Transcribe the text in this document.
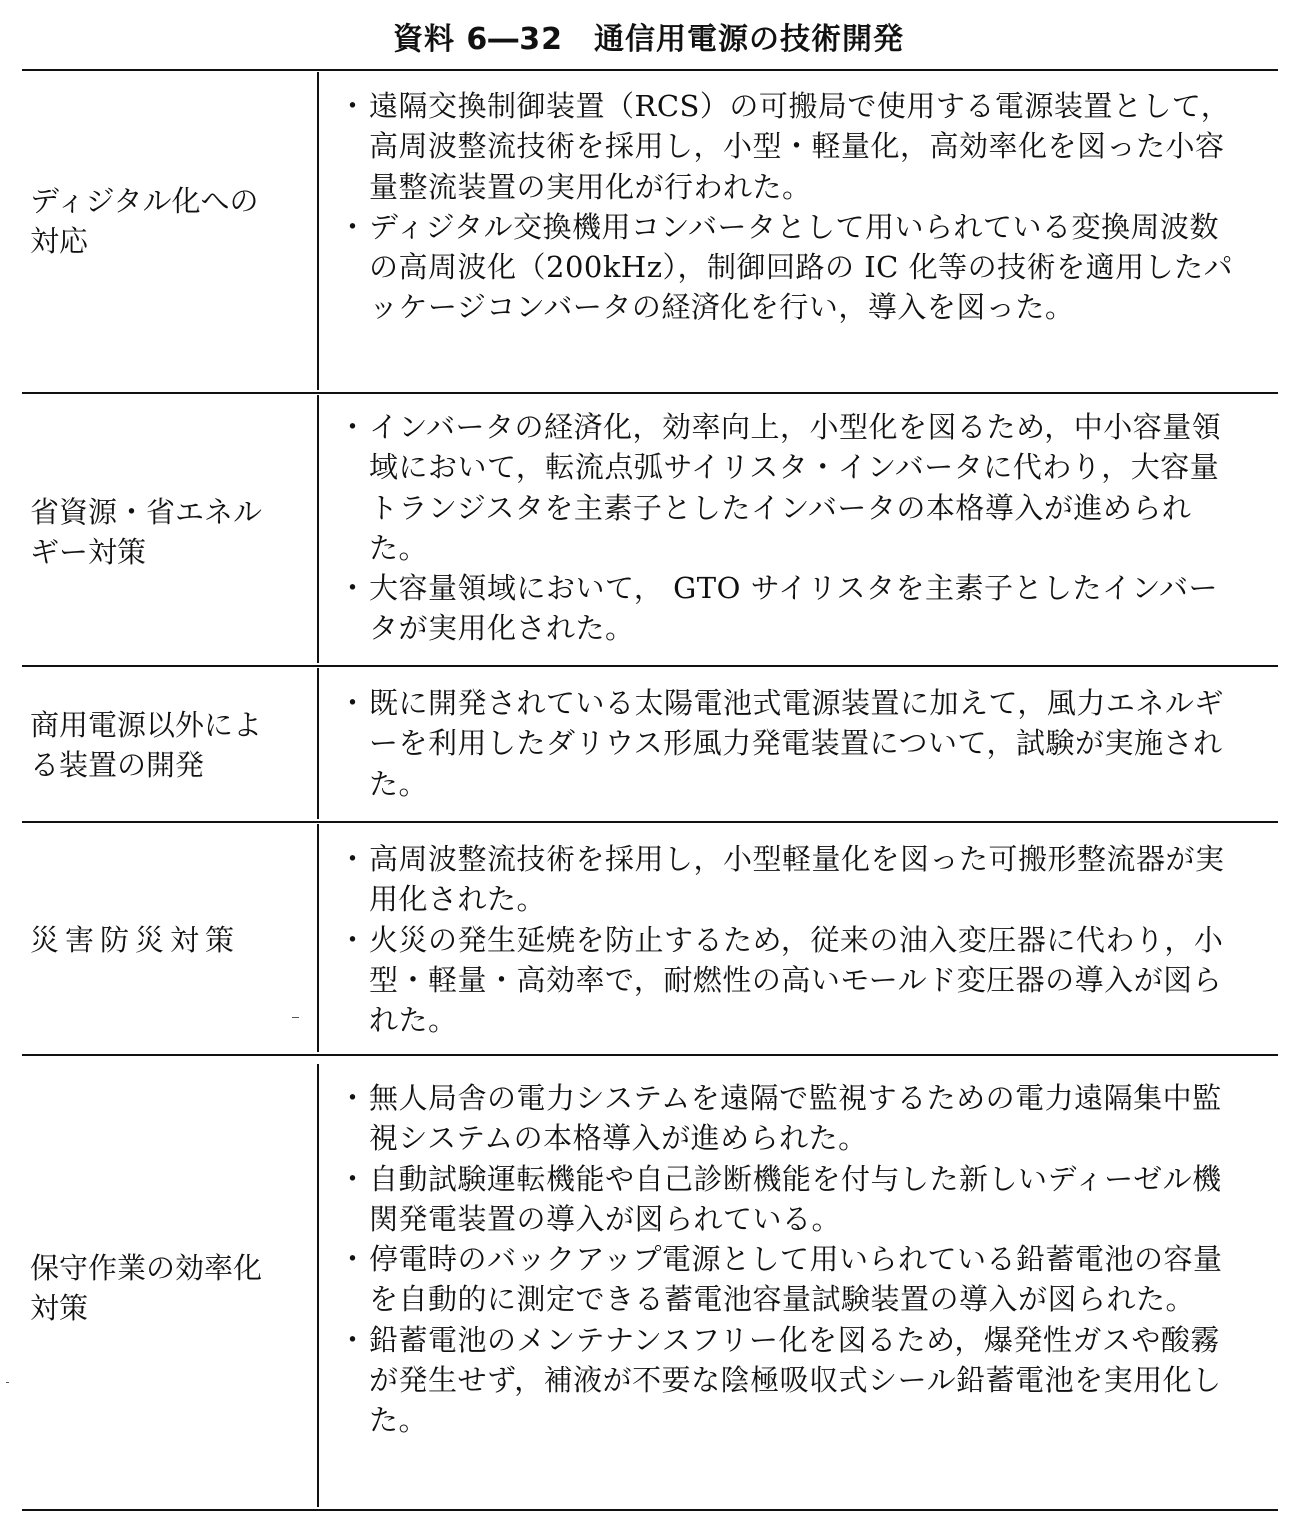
資料 6―32　通信用電源の技術開発
ディジタル化への対応
・ 遠隔交換制御装置（RCS）の可搬局で使用する電源装置として，高周波整流技術を採用し，小型・軽量化，高効率化を図った小容量整流装置の実用化が行われた。
・ ディジタル交換機用コンバータとして用いられている変換周波数の高周波化（200kHz），制御回路の IC 化等の技術を適用したパッケージコンバータの経済化を行い，導入を図った。
省資源・省エネルギー対策
・ インバータの経済化，効率向上，小型化を図るため，中小容量領域において，転流点弧サイリスタ・インバータに代わり，大容量トランジスタを主素子としたインバータの本格導入が進められた。
・ 大容量領域において， GTO サイリスタを主素子としたインバータが実用化された。
商用電源以外による装置の開発
・ 既に開発されている太陽電池式電源装置に加えて，風力エネルギーを利用したダリウス形風力発電装置について，試験が実施された。
災害防災対策
・ 高周波整流技術を採用し，小型軽量化を図った可搬形整流器が実用化された。
・ 火災の発生延焼を防止するため，従来の油入変圧器に代わり，小型・軽量・高効率で，耐燃性の高いモールド変圧器の導入が図られた。
保守作業の効率化対策
・ 無人局舎の電力システムを遠隔で監視するための電力遠隔集中監視システムの本格導入が進められた。
・ 自動試験運転機能や自己診断機能を付与した新しいディーゼル機関発電装置の導入が図られている。
・ 停電時のバックアップ電源として用いられている鉛蓄電池の容量を自動的に測定できる蓄電池容量試験装置の導入が図られた。
・ 鉛蓄電池のメンテナンスフリー化を図るため，爆発性ガスや酸霧が発生せず，補液が不要な陰極吸収式シール鉛蓄電池を実用化した。
